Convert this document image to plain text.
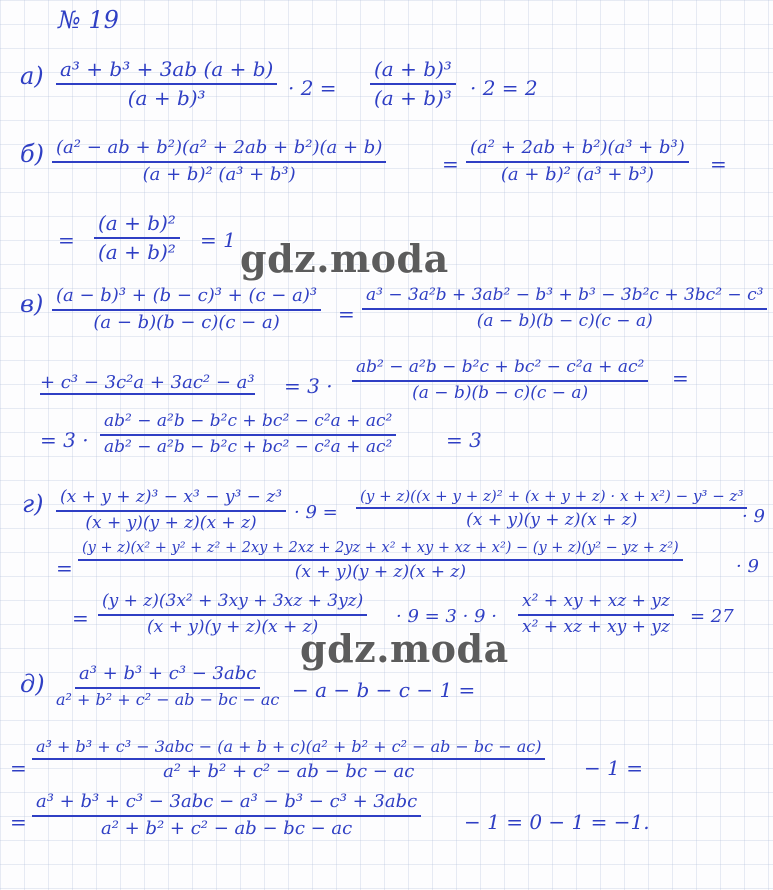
№ 19
$а) \frac{\text{a³ + b³ + 3ab (a + b)}}{\text{(a + b)³}} \cdot 2 = \frac{\text{(a + b)³}}{\text{(a + b)³}} \cdot 2 = 2$
$б) \frac{\text{(a² − ab + b²)(a² + 2ab + b²)(a + b)}}{\text{(a + b)² (a³ + b³)}}$	= $\frac{\text{(a² + 2ab + b²)(a³ + b³)}}{\text{(a + b)² (a³ + b³)}}$ =
= $\frac{\text{(a + b)²}}{\text{(a + b)²}} = 1$
$в) \frac{\text{(a − b)³ + (b − c)³ + (c − a)³}}{(a - b)(b - c)(c - a)} = \frac{\text{a³ − 3a²b + 3ab² − b³ + b³ − 3b²c + 3bc² − c³}}{(a - b)(b - c)(c - a)}$
+ $c^3 - 3c^2a + 3ac^2 - a^3 = 3 \cdot \frac{\text{ab² − a²b − b²c + bc² − c²a + ac²}}{(a - b)(b - c)(c - a)}$ =
= $3 \cdot \frac{\text{ab² − a²b − b²c + bc² − c²a + ac²}}{\text{ab² − a²b − b²c + bc² − c²a + ac²}} = 3$
$г) \frac{\text{(x + y + z)³ − x³ − y³ − z³}}{(x + y)(y + z)(x + z)} \cdot 9 = \frac{\text{(y + z)((x + y + z)² + (x + y + z) · x + x²) − y³ − z³}}{(x + y)(y + z)(x + z)}$
· 9
=
(y + z)(x² + y² + z² + 2xy + 2xz + 2yz + x² + xy + xz + x²) − (y + z)(y² − yz + z²)
(x + y)(y + z)(x + z)	· 9
= $\frac{\text{(y + z)(3x² + 3xy + 3xz + 3yz)}}{(x + y)(y + z)(x + z)} \cdot 9 = 3 \cdot 9 \cdot \frac{\text{x² + xy + xz + yz}}{\text{x² + xz + xy + yz}} = 27$
д) a³ + b³ + c³ − 3abc
a² + b² + c² − ab − bc − ac − a − b − c − 1 =
=
a³ + b³ + c³ − 3abc − (a + b + c)(a² + b² + c² − ab − bc − ac)
a² + b² + c² − ab − bc − ac	− 1 =
=
a³ + b³ + c³ − 3abc − a³ − b³ − c³ + 3abc
a² + b² + c² − ab − bc − ac	− 1 = 0 − 1 = −1.
gdz.moda
gdz.moda
